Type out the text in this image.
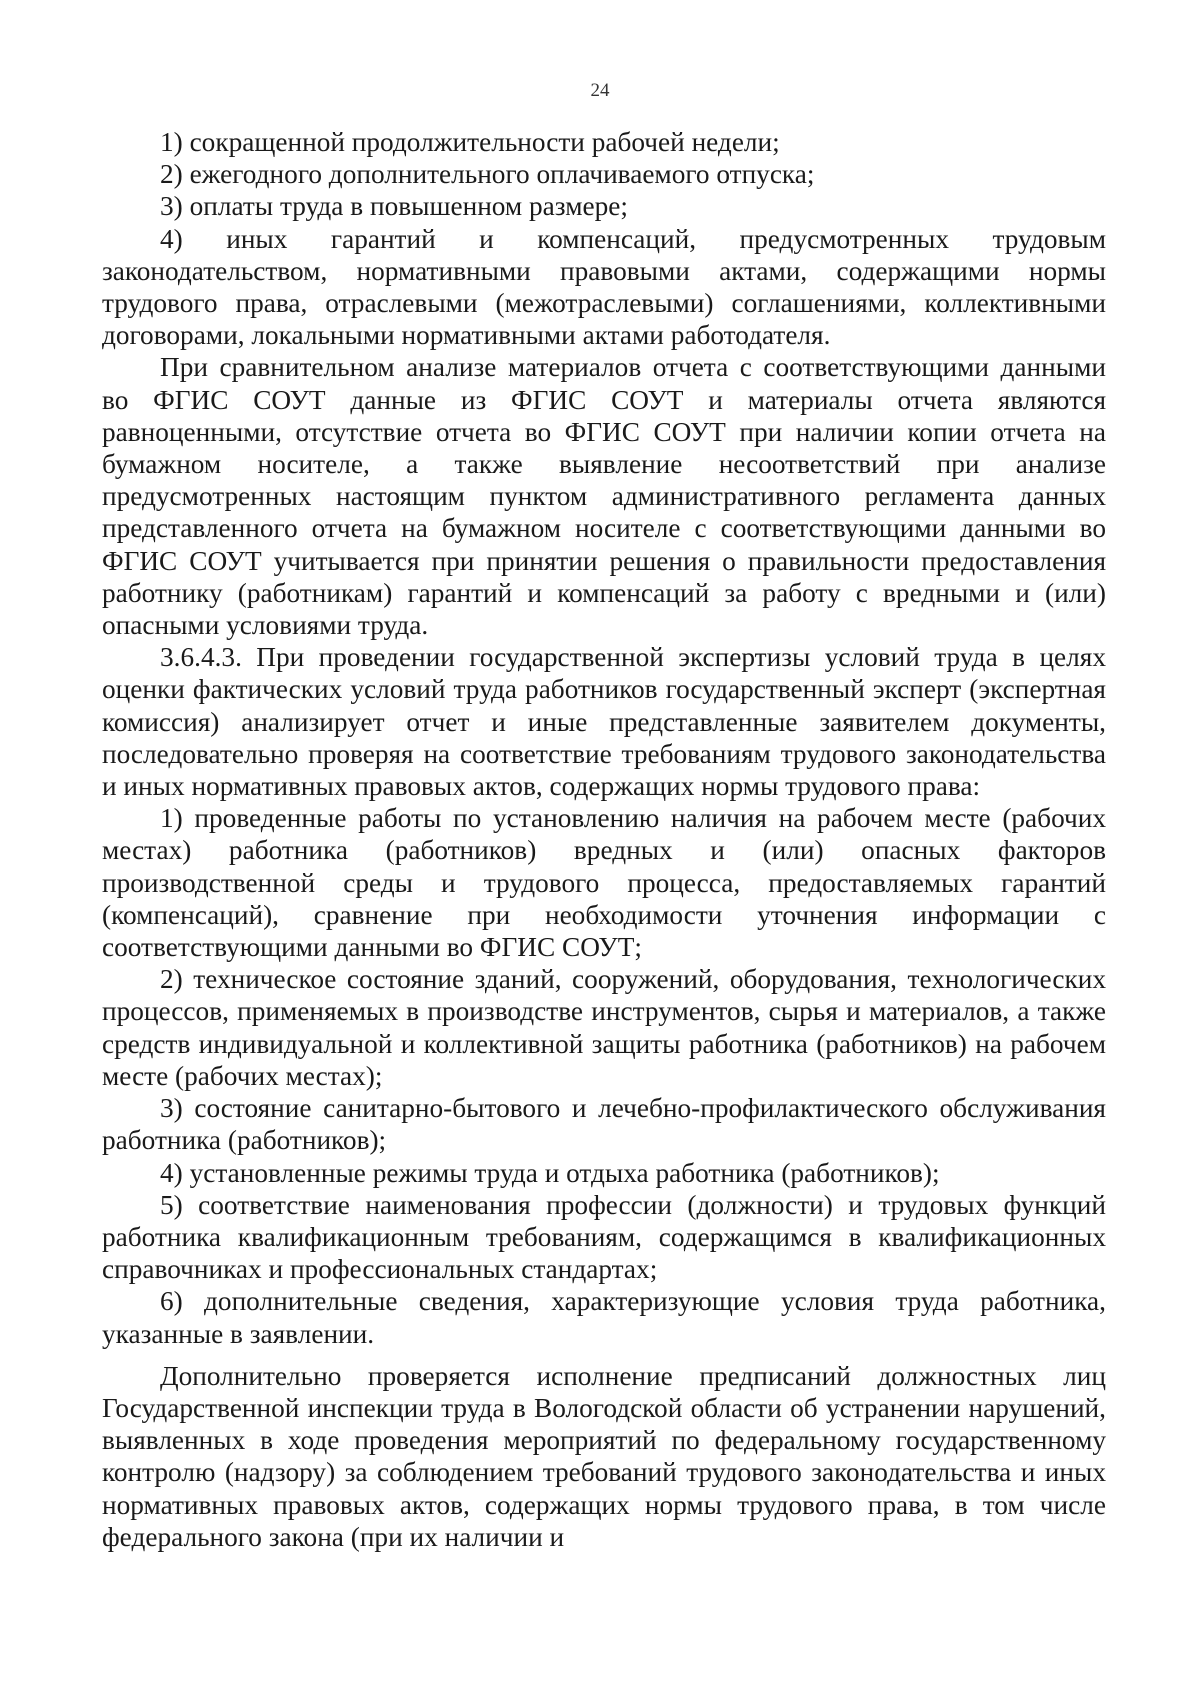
24

1) сокращенной продолжительности рабочей недели;

2) ежегодного дополнительного оплачиваемого отпуска;

3) оплаты труда в повышенном размере;

4) иных гарантий и компенсаций, предусмотренных трудовым законодательством, нормативными правовыми актами, содержащими нормы трудового права, отраслевыми (межотраслевыми) соглашениями, коллективными договорами, локальными нормативными актами работодателя.

При сравнительном анализе материалов отчета с соответствующими данными во ФГИС СОУТ данные из ФГИС СОУТ и материалы отчета являются равноценными, отсутствие отчета во ФГИС СОУТ при наличии копии отчета на бумажном носителе, а также выявление несоответствий при анализе предусмотренных настоящим пунктом административного регламента данных представленного отчета на бумажном носителе с соответствующими данными во ФГИС СОУТ учитывается при принятии решения о правильности предоставления работнику (работникам) гарантий и компенсаций за работу с вредными и (или) опасными условиями труда.

3.6.4.3. При проведении государственной экспертизы условий труда в целях оценки фактических условий труда работников государственный эксперт (экспертная комиссия) анализирует отчет и иные представленные заявителем документы, последовательно проверяя на соответствие требованиям трудового законодательства и иных нормативных правовых актов, содержащих нормы трудового права:

1) проведенные работы по установлению наличия на рабочем месте (рабочих местах) работника (работников) вредных и (или) опасных факторов производственной среды и трудового процесса, предоставляемых гарантий (компенсаций), сравнение при необходимости уточнения информации с соответствующими данными во ФГИС СОУТ;

2) техническое состояние зданий, сооружений, оборудования, технологических процессов, применяемых в производстве инструментов, сырья и материалов, а также средств индивидуальной и коллективной защиты работника (работников) на рабочем месте (рабочих местах);

3) состояние санитарно-бытового и лечебно-профилактического обслуживания работника (работников);

4) установленные режимы труда и отдыха работника (работников);

5) соответствие наименования профессии (должности) и трудовых функций работника квалификационным требованиям, содержащимся в квалификационных справочниках и профессиональных стандартах;

6) дополнительные сведения, характеризующие условия труда работника, указанные в заявлении.

Дополнительно проверяется исполнение предписаний должностных лиц Государственной инспекции труда в Вологодской области об устранении нарушений, выявленных в ходе проведения мероприятий по федеральному государственному контролю (надзору) за соблюдением требований трудового законодательства и иных нормативных правовых актов, содержащих нормы трудового права, в том числе федерального закона (при их наличии и
